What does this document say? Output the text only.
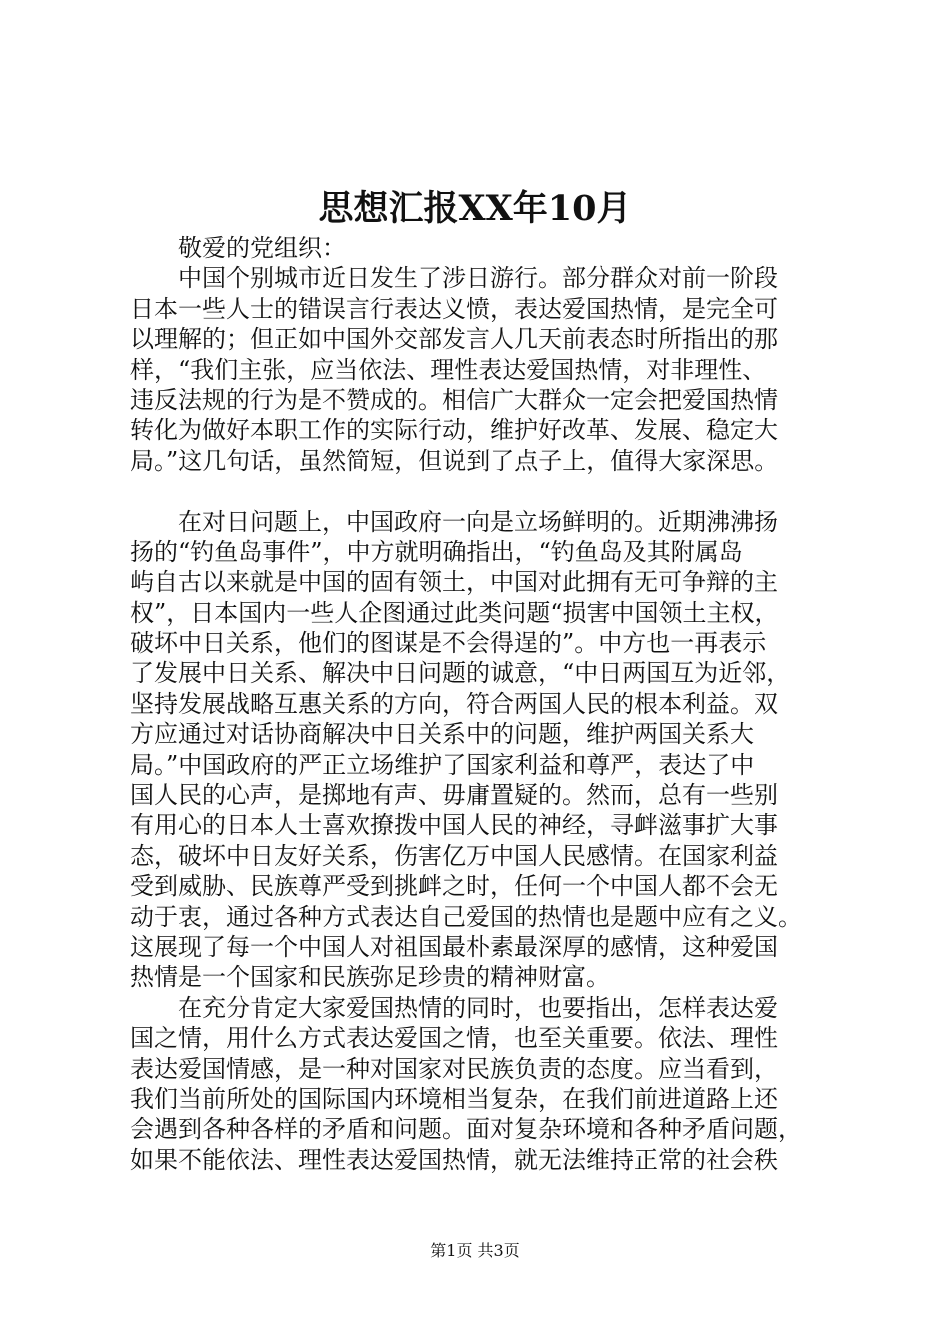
思想汇报XX年10月
敬爱的党组织：
中国个别城市近日发生了涉日游行。部分群众对前一阶段
日本一些人士的错误言行表达义愤，表达爱国热情，是完全可
以理解的；但正如中国外交部发言人几天前表态时所指出的那
样，“我们主张，应当依法、理性表达爱国热情，对非理性、
违反法规的行为是不赞成的。相信广大群众一定会把爱国热情
转化为做好本职工作的实际行动，维护好改革、发展、稳定大
局。”这几句话，虽然简短，但说到了点子上，值得大家深思。
在对日问题上，中国政府一向是立场鲜明的。近期沸沸扬
扬的“钓鱼岛事件”，中方就明确指出，“钓鱼岛及其附属岛
屿自古以来就是中国的固有领土，中国对此拥有无可争辩的主
权”，日本国内一些人企图通过此类问题“损害中国领土主权，
破坏中日关系，他们的图谋是不会得逞的”。中方也一再表示
了发展中日关系、解决中日问题的诚意，“中日两国互为近邻，
坚持发展战略互惠关系的方向，符合两国人民的根本利益。双
方应通过对话协商解决中日关系中的问题，维护两国关系大
局。”中国政府的严正立场维护了国家利益和尊严，表达了中
国人民的心声，是掷地有声、毋庸置疑的。然而，总有一些别
有用心的日本人士喜欢撩拨中国人民的神经，寻衅滋事扩大事
态，破坏中日友好关系，伤害亿万中国人民感情。在国家利益
受到威胁、民族尊严受到挑衅之时，任何一个中国人都不会无
动于衷，通过各种方式表达自己爱国的热情也是题中应有之义。
这展现了每一个中国人对祖国最朴素最深厚的感情，这种爱国
热情是一个国家和民族弥足珍贵的精神财富。
在充分肯定大家爱国热情的同时，也要指出，怎样表达爱
国之情，用什么方式表达爱国之情，也至关重要。依法、理性
表达爱国情感，是一种对国家对民族负责的态度。应当看到，
我们当前所处的国际国内环境相当复杂，在我们前进道路上还
会遇到各种各样的矛盾和问题。面对复杂环境和各种矛盾问题，
如果不能依法、理性表达爱国热情，就无法维持正常的社会秩
第1页 共3页
